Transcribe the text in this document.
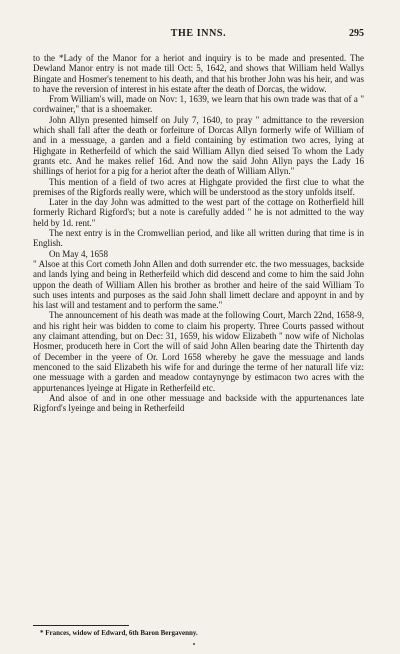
THE INNS.	295

to the *Lady of the Manor for a heriot and inquiry is to be made and presented. The Dewland Manor entry is not made till Oct: 5, 1642, and shows that William held Wallys Bingate and Hosmer's tenement to his death, and that his brother John was his heir, and was to have the reversion of interest in his estate after the death of Dorcas, the widow.

From William's will, made on Nov: 1, 1639, we learn that his own trade was that of a " cordwainer," that is a shoemaker.

John Allyn presented himself on July 7, 1640, to pray " admittance to the reversion which shall fall after the death or forfeiture of Dorcas Allyn formerly wife of William of and in a messuage, a garden and a field containing by estimation two acres, lying at Highgate in Retherfeild of which the said William Allyn died seised To whom the Lady grants etc. And he makes relief 16d. And now the said John Allyn pays the Lady 16 shillings of heriot for a pig for a heriot after the death of William Allyn."

This mention of a field of two acres at Highgate provided the first clue to what the premises of the Rigfords really were, which will be understood as the story unfolds itself.

Later in the day John was admitted to the west part of the cottage on Rotherfield hill formerly Richard Rigford's; but a note is carefully added " he is not admitted to the way held by 1d. rent."

The next entry is in the Cromwellian period, and like all written during that time is in English.

On May 4, 1658

" Alsoe at this Cort cometh John Allen and doth surrender etc. the two messuages, backside and lands lying and being in Retherfeild which did descend and come to him the said John uppon the death of William Allen his brother as brother and heire of the said William To such uses intents and purposes as the said John shall limett declare and appoynt in and by his last will and testament and to perform the same."

The announcement of his death was made at the following Court, March 22nd, 1658-9, and his right heir was bidden to come to claim his property. Three Courts passed without any claimant attending, but on Dec: 31, 1659, his widow Elizabeth " now wife of Nicholas Hosmer, produceth here in Cort the will of said John Allen bearing date the Thirtenth day of December in the yeere of Or. Lord 1658 whereby he gave the messuage and lands menconed to the said Elizabeth his wife for and duringe the terme of her naturall life viz: one messuage with a garden and meadow contaynynge by estimacon two acres with the appurtenances lyeinge at Higate in Retherfeild etc.

And alsoe of and in one other messuage and backside with the appurtenances late Rigford's lyeinge and being in Retherfeild

* Frances, widow of Edward, 6th Baron Bergavenny.
